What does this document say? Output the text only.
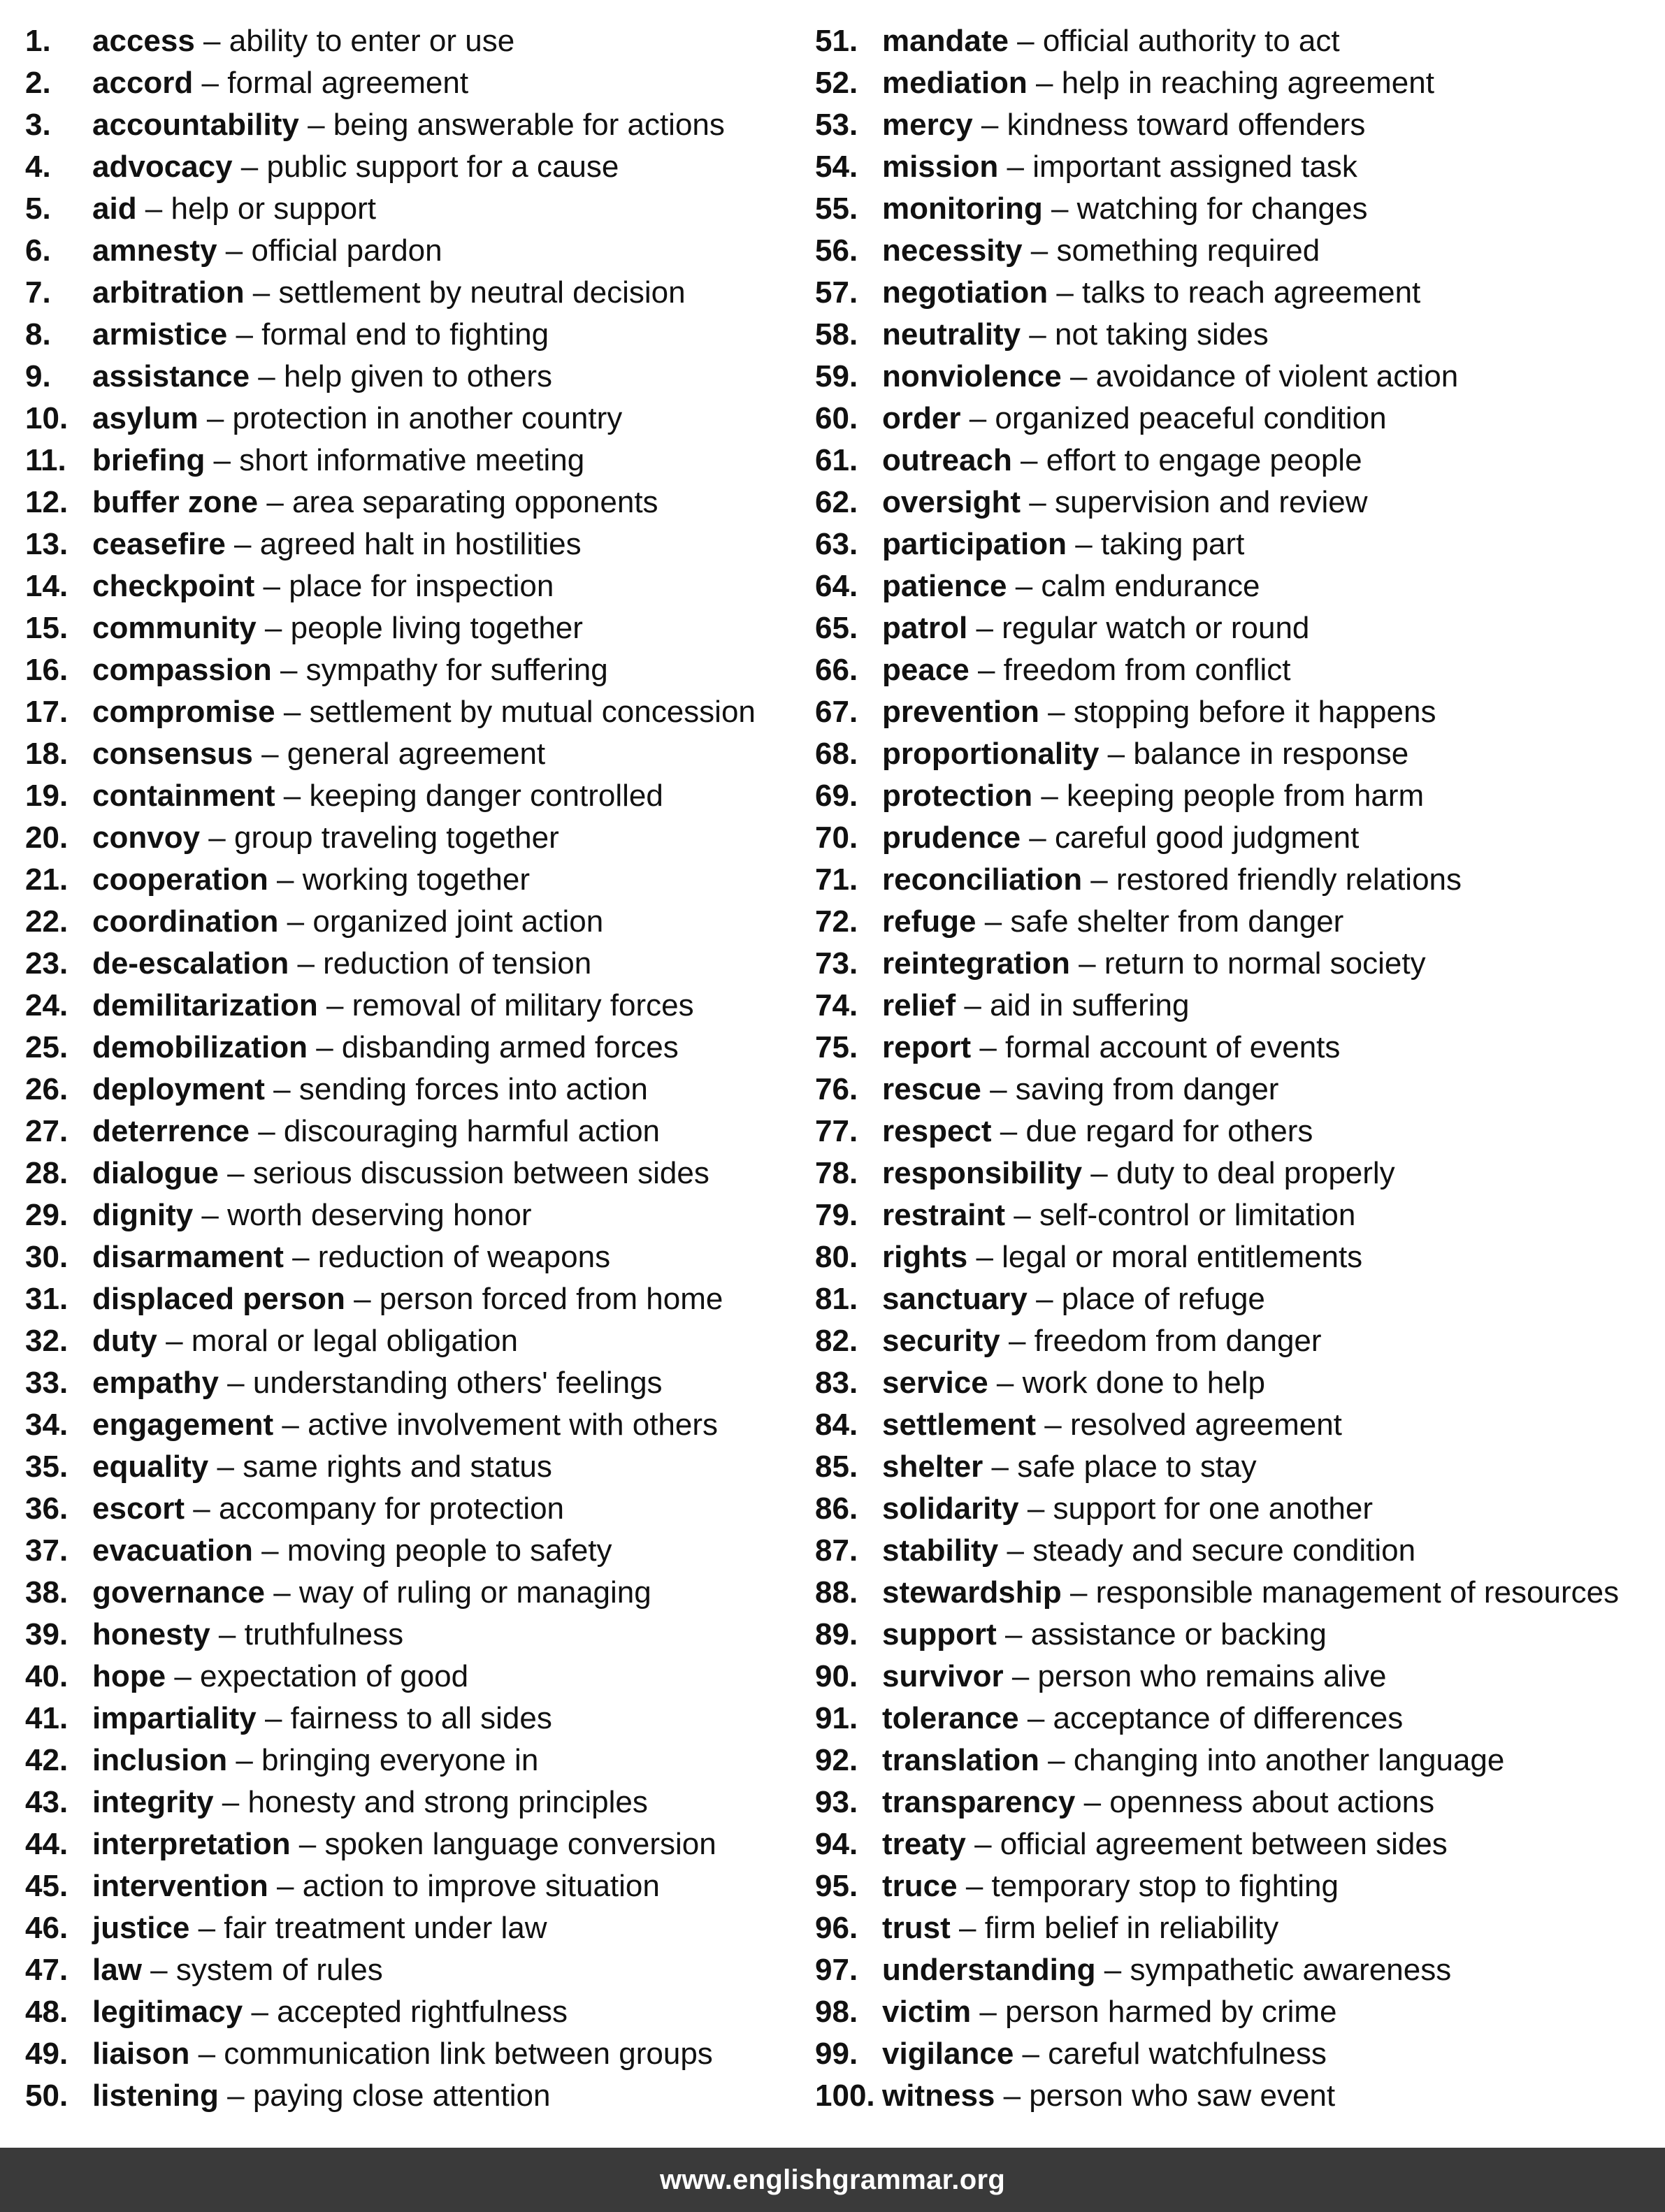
1. access – ability to enter or use
2. accord – formal agreement
3. accountability – being answerable for actions
4. advocacy – public support for a cause
5. aid – help or support
6. amnesty – official pardon
7. arbitration – settlement by neutral decision
8. armistice – formal end to fighting
9. assistance – help given to others
10. asylum – protection in another country
11. briefing – short informative meeting
12. buffer zone – area separating opponents
13. ceasefire – agreed halt in hostilities
14. checkpoint – place for inspection
15. community – people living together
16. compassion – sympathy for suffering
17. compromise – settlement by mutual concession
18. consensus – general agreement
19. containment – keeping danger controlled
20. convoy – group traveling together
21. cooperation – working together
22. coordination – organized joint action
23. de-escalation – reduction of tension
24. demilitarization – removal of military forces
25. demobilization – disbanding armed forces
26. deployment – sending forces into action
27. deterrence – discouraging harmful action
28. dialogue – serious discussion between sides
29. dignity – worth deserving honor
30. disarmament – reduction of weapons
31. displaced person – person forced from home
32. duty – moral or legal obligation
33. empathy – understanding others' feelings
34. engagement – active involvement with others
35. equality – same rights and status
36. escort – accompany for protection
37. evacuation – moving people to safety
38. governance – way of ruling or managing
39. honesty – truthfulness
40. hope – expectation of good
41. impartiality – fairness to all sides
42. inclusion – bringing everyone in
43. integrity – honesty and strong principles
44. interpretation – spoken language conversion
45. intervention – action to improve situation
46. justice – fair treatment under law
47. law – system of rules
48. legitimacy – accepted rightfulness
49. liaison – communication link between groups
50. listening – paying close attention
51. mandate – official authority to act
52. mediation – help in reaching agreement
53. mercy – kindness toward offenders
54. mission – important assigned task
55. monitoring – watching for changes
56. necessity – something required
57. negotiation – talks to reach agreement
58. neutrality – not taking sides
59. nonviolence – avoidance of violent action
60. order – organized peaceful condition
61. outreach – effort to engage people
62. oversight – supervision and review
63. participation – taking part
64. patience – calm endurance
65. patrol – regular watch or round
66. peace – freedom from conflict
67. prevention – stopping before it happens
68. proportionality – balance in response
69. protection – keeping people from harm
70. prudence – careful good judgment
71. reconciliation – restored friendly relations
72. refuge – safe shelter from danger
73. reintegration – return to normal society
74. relief – aid in suffering
75. report – formal account of events
76. rescue – saving from danger
77. respect – due regard for others
78. responsibility – duty to deal properly
79. restraint – self-control or limitation
80. rights – legal or moral entitlements
81. sanctuary – place of refuge
82. security – freedom from danger
83. service – work done to help
84. settlement – resolved agreement
85. shelter – safe place to stay
86. solidarity – support for one another
87. stability – steady and secure condition
88. stewardship – responsible management of resources
89. support – assistance or backing
90. survivor – person who remains alive
91. tolerance – acceptance of differences
92. translation – changing into another language
93. transparency – openness about actions
94. treaty – official agreement between sides
95. truce – temporary stop to fighting
96. trust – firm belief in reliability
97. understanding – sympathetic awareness
98. victim – person harmed by crime
99. vigilance – careful watchfulness
100. witness – person who saw event
www.englishgrammar.org
